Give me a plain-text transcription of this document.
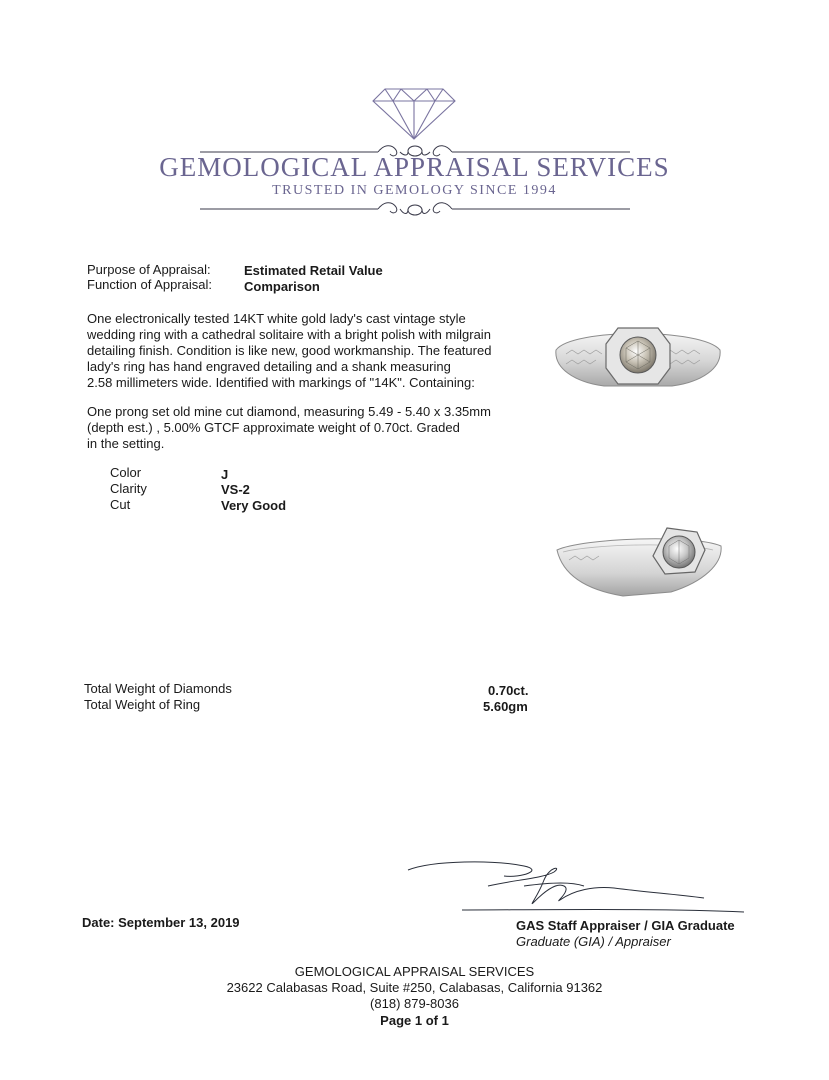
GEMOLOGICAL APPRAISAL SERVICES
TRUSTED IN GEMOLOGY SINCE 1994
Purpose of Appraisal:	Estimated Retail Value
Function of Appraisal: Comparison
One electronically tested 14KT white gold lady's cast vintage style
wedding ring with a cathedral solitaire with a bright polish with milgrain
detailing finish. Condition is like new, good workmanship. The featured
lady's ring has hand engraved detailing and a shank measuring
2.58 millimeters wide. Identified with markings of "14K". Containing:
One prong set old mine cut diamond, measuring 5.49 - 5.40 x 3.35mm
(depth est.) , 5.00% GTCF approximate weight of 0.70ct. Graded
in the setting.
Color	J
Clarity	VS-2
Cut	Very Good
Total Weight of Diamonds	0.70ct.
Total Weight of Ring	5.60gm
Date: September 13, 2019	GAS Staff Appraiser / GIA Graduate
Graduate (GIA) / Appraiser
GEMOLOGICAL APPRAISAL SERVICES
23622 Calabasas Road, Suite #250, Calabasas, California 91362
(818) 879-8036
Page 1 of 1
